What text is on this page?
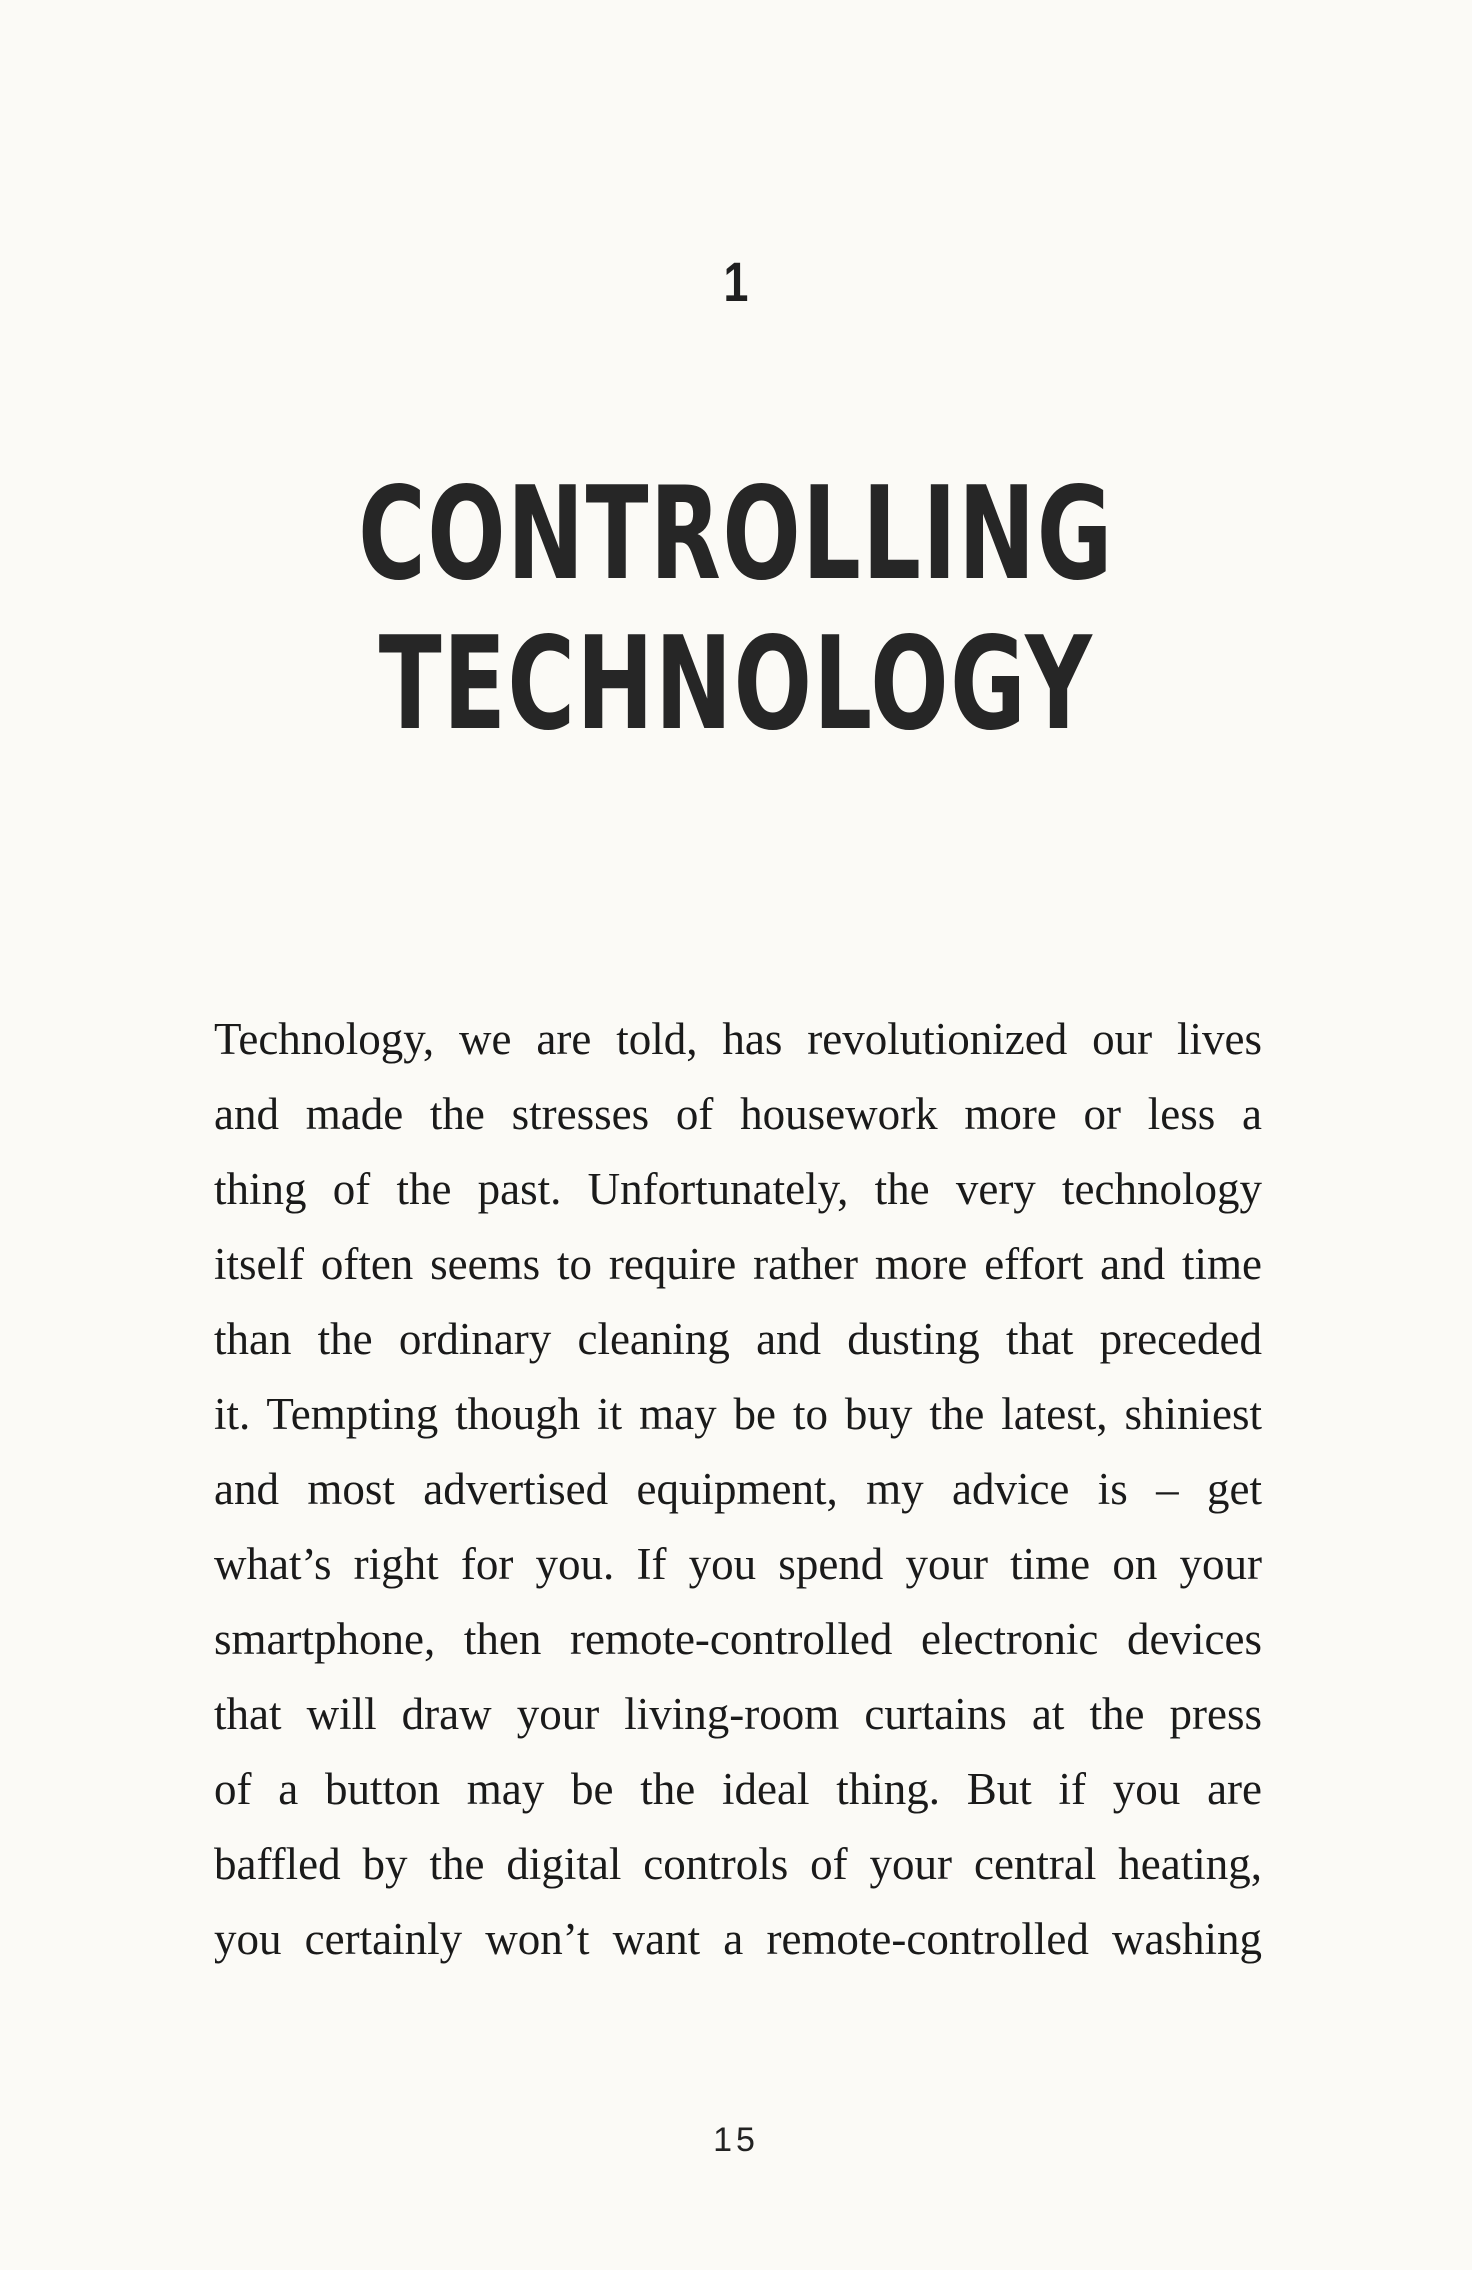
1
CONTROLLING
TECHNOLOGY
Technology, we are told, has revolutionized our lives
and made the stresses of housework more or less a
thing of the past. Unfortunately, the very technology
itself often seems to require rather more effort and time
than the ordinary cleaning and dusting that preceded
it. Tempting though it may be to buy the latest, shiniest
and most advertised equipment, my advice is – get
what’s right for you. If you spend your time on your
smartphone, then remote-controlled electronic devices
that will draw your living-room curtains at the press
of a button may be the ideal thing. But if you are
baffled by the digital controls of your central heating,
you certainly won’t want a remote-controlled washing
15
